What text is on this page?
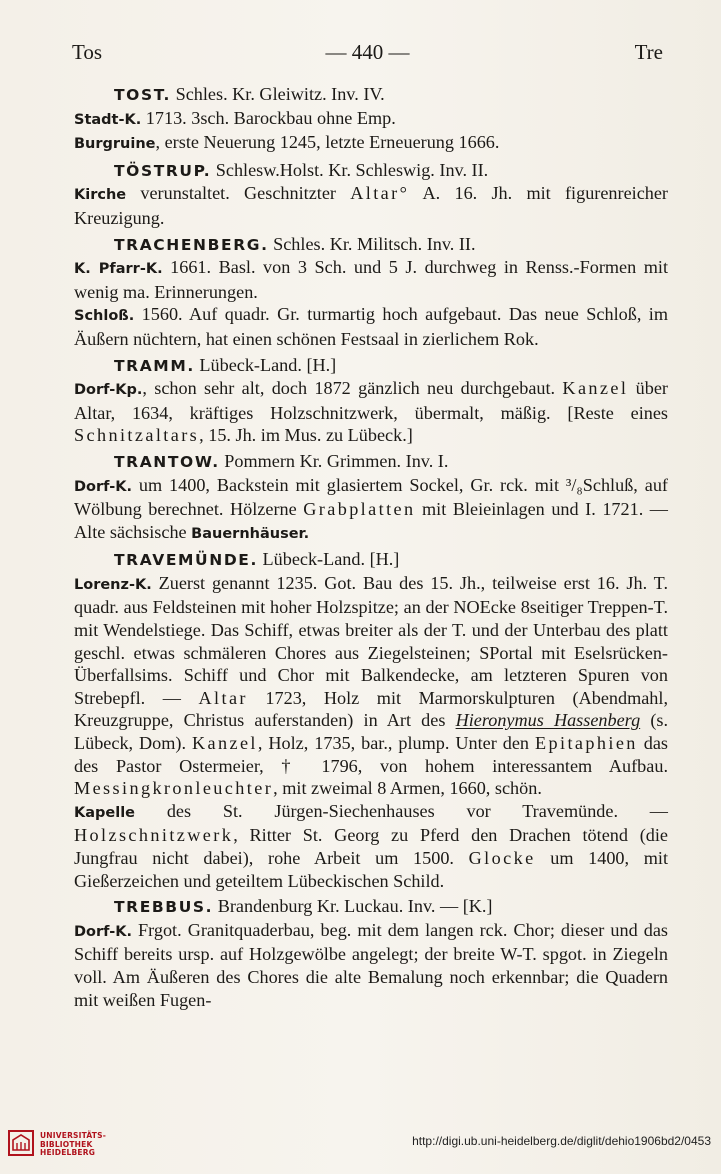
Tos	— 440 —	Tre
TOST. Schles. Kr. Gleiwitz. Inv. IV.
Stadt-K. 1713. 3sch. Barockbau ohne Emp.
Burgruine, erste Neuerung 1245, letzte Erneuerung 1666.
TÖSTRUP. Schlesw.Holst. Kr. Schleswig. Inv. II.
Kirche verunstaltet. Geschnitzter Altar° A. 16. Jh. mit figurenreicher Kreuzigung.
TRACHENBERG. Schles. Kr. Militsch. Inv. II.
K. Pfarr-K. 1661. Basl. von 3 Sch. und 5 J. durchweg in Renss.-Formen mit wenig ma. Erinnerungen.
Schloß. 1560. Auf quadr. Gr. turmartig hoch aufgebaut. Das neue Schloß, im Äußern nüchtern, hat einen schönen Festsaal in zierlichem Rok.
TRAMM. Lübeck-Land. [H.]
Dorf-Kp., schon sehr alt, doch 1872 gänzlich neu durchgebaut. Kanzel über Altar, 1634, kräftiges Holzschnitzwerk, übermalt, mäßig. [Reste eines Schnitzaltars, 15. Jh. im Mus. zu Lübeck.]
TRANTOW. Pommern Kr. Grimmen. Inv. I.
Dorf-K. um 1400, Backstein mit glasiertem Sockel, Gr. rck. mit ³/₈Schluß, auf Wölbung berechnet. Hölzerne Grabplatten mit Bleieinlagen und I. 1721. — Alte sächsische Bauernhäuser.
TRAVEMÜNDE. Lübeck-Land. [H.]
Lorenz-K. Zuerst genannt 1235. Got. Bau des 15. Jh., teilweise erst 16. Jh. T. quadr. aus Feldsteinen mit hoher Holzspitze; an der NOEcke 8seitiger Treppen-T. mit Wendelstiege. Das Schiff, etwas breiter als der T. und der Unterbau des platt geschl. etwas schmäleren Chores aus Ziegelsteinen; SPortal mit Eselsrücken-Überfallsims. Schiff und Chor mit Balkendecke, am letzteren Spuren von Strebepfl. — Altar 1723, Holz mit Marmorskulpturen (Abendmahl, Kreuzgruppe, Christus auferstanden) in Art des Hieronymus Hassenberg (s. Lübeck, Dom). Kanzel, Holz, 1735, bar., plump. Unter den Epitaphien das des Pastor Ostermeier, † 1796, von hohem interessantem Aufbau. Messingkronleuchter, mit zweimal 8 Armen, 1660, schön.
Kapelle des St. Jürgen-Siechenhauses vor Travemünde. — Holzschnitzwerk, Ritter St. Georg zu Pferd den Drachen tötend (die Jungfrau nicht dabei), rohe Arbeit um 1500. Glocke um 1400, mit Gießerzeichen und geteiltem Lübeckischen Schild.
TREBBUS. Brandenburg Kr. Luckau. Inv. — [K.]
Dorf-K. Frgot. Granitquaderbau, beg. mit dem langen rck. Chor; dieser und das Schiff bereits ursp. auf Holzgewölbe angelegt; der breite W-T. spgot. in Ziegeln voll. Am Äußeren des Chores die alte Bemalung noch erkennbar; die Quadern mit weißen Fugen-
UNIVERSITÄTS-
BIBLIOTHEK
HEIDELBERG
http://digi.ub.uni-heidelberg.de/diglit/dehio1906bd2/0453
